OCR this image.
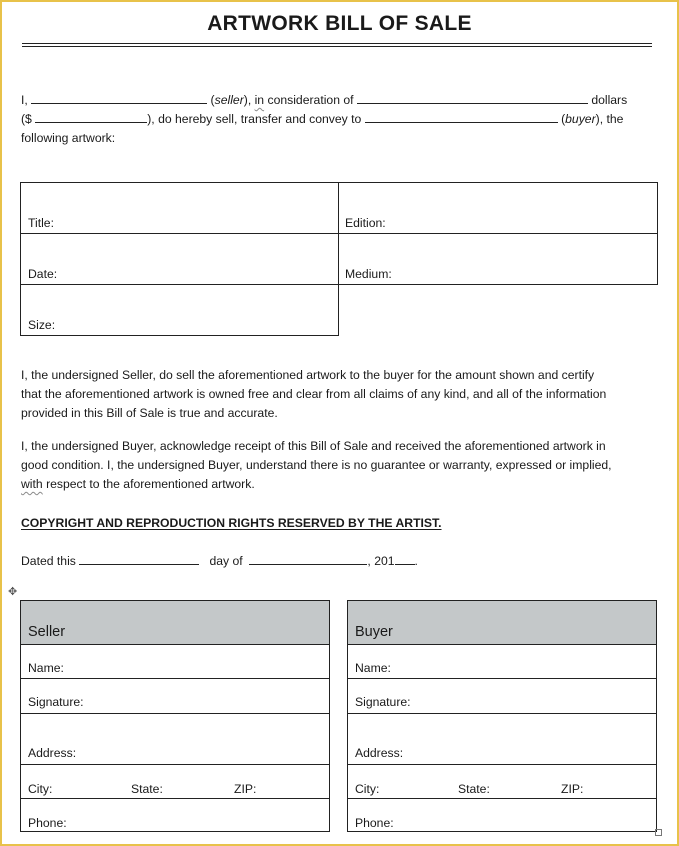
ARTWORK BILL OF SALE
I,	(seller), in consideration of	dollars
($	), do hereby sell, transfer and convey to	(buyer), the
following artwork:
Title:	Edition:
Date:	Medium:
Size:
I, the undersigned Seller, do sell the aforementioned artwork to the buyer for the amount shown and certify
that the aforementioned artwork is owned free and clear from all claims of any kind, and all of the information
provided in this Bill of Sale is true and accurate.
I, the undersigned Buyer, acknowledge receipt of this Bill of Sale and received the aforementioned artwork in
good condition. I, the undersigned Buyer, understand there is no guarantee or warranty, expressed or implied,
with respect to the aforementioned artwork.
COPYRIGHT AND REPRODUCTION RIGHTS RESERVED BY THE ARTIST.
Dated this	day of	, 201 .
✥
Seller
Name:
Signature:
Address:
City:	State:	ZIP:
Phone:
Buyer
Name:
Signature:
Address:
City:	State:	ZIP:
Phone:
